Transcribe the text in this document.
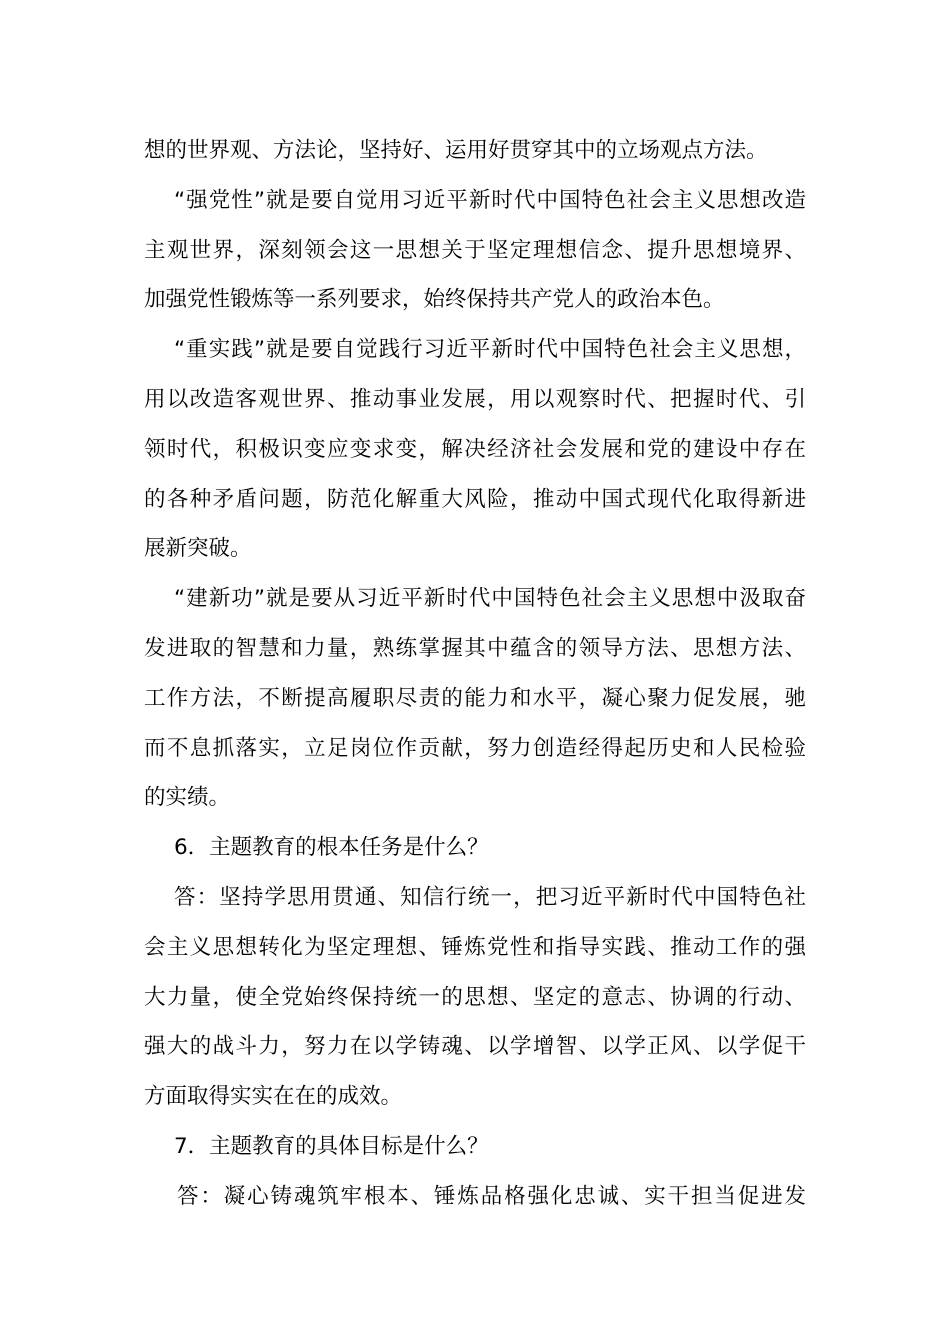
想的世界观、方法论，坚持好、运用好贯穿其中的立场观点方法。
“强党性”就是要自觉用习近平新时代中国特色社会主义思想改造
主观世界，深刻领会这一思想关于坚定理想信念、提升思想境界、
加强党性锻炼等一系列要求，始终保持共产党人的政治本色。
“重实践”就是要自觉践行习近平新时代中国特色社会主义思想，
用以改造客观世界、推动事业发展，用以观察时代、把握时代、引
领时代，积极识变应变求变，解决经济社会发展和党的建设中存在
的各种矛盾问题，防范化解重大风险，推动中国式现代化取得新进
展新突破。
“建新功”就是要从习近平新时代中国特色社会主义思想中汲取奋
发进取的智慧和力量，熟练掌握其中蕴含的领导方法、思想方法、
工作方法，不断提高履职尽责的能力和水平，凝心聚力促发展，驰
而不息抓落实，立足岗位作贡献，努力创造经得起历史和人民检验
的实绩。
6．主题教育的根本任务是什么？
答：坚持学思用贯通、知信行统一，把习近平新时代中国特色社
会主义思想转化为坚定理想、锤炼党性和指导实践、推动工作的强
大力量，使全党始终保持统一的思想、坚定的意志、协调的行动、
强大的战斗力，努力在以学铸魂、以学增智、以学正风、以学促干
方面取得实实在在的成效。
7．主题教育的具体目标是什么？
答：凝心铸魂筑牢根本、锤炼品格强化忠诚、实干担当促进发
